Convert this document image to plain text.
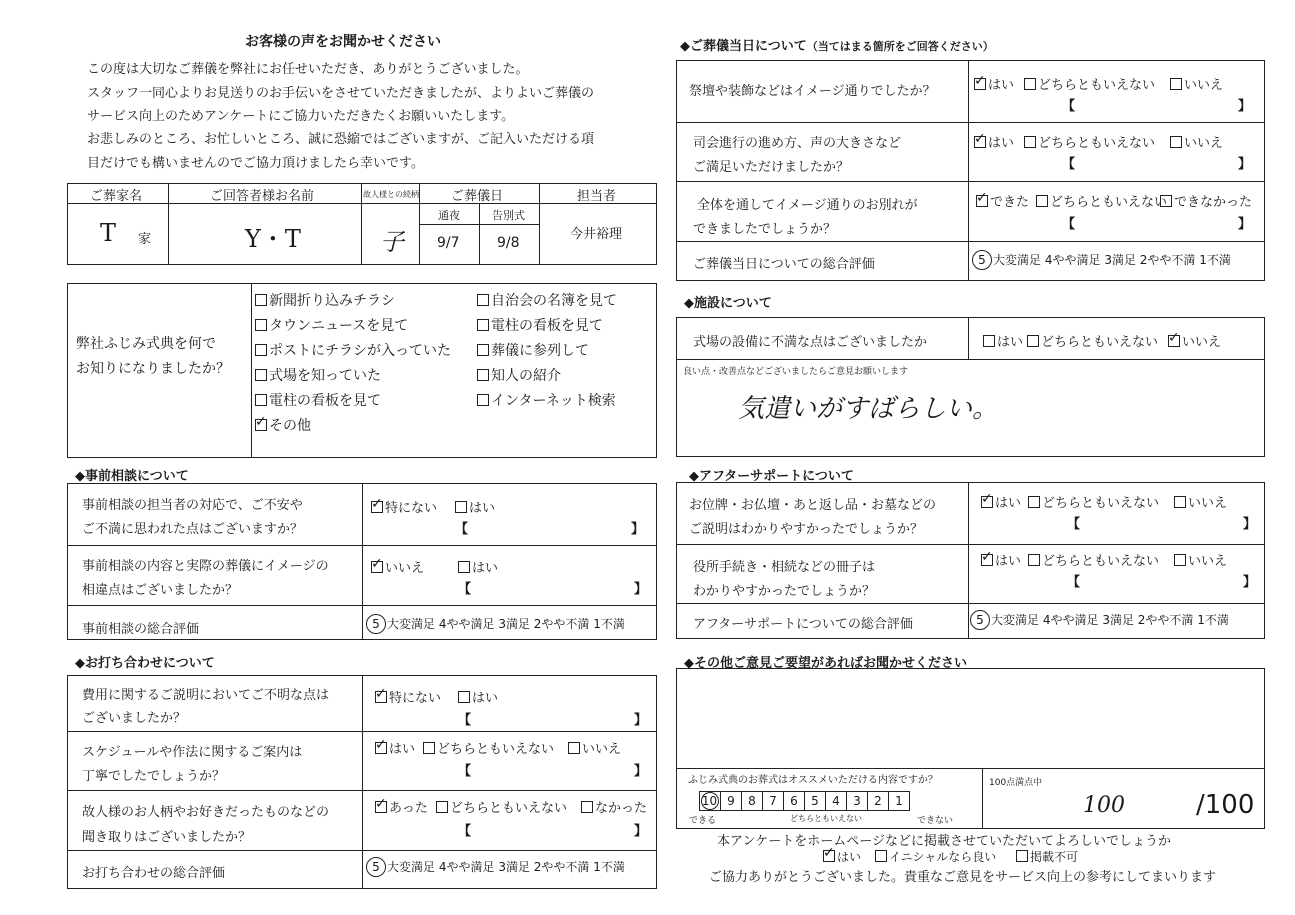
お客様の声をお聞かせください
この度は大切なご葬儀を弊社にお任せいただき、ありがとうございました。
スタッフ一同心よりお見送りのお手伝いをさせていただきましたが、よりよいご葬儀の
サービス向上のためアンケートにご協力いただきたくお願いいたします。
お悲しみのところ、お忙しいところ、誠に恐縮ではございますが、ご記入いただける項
目だけでも構いませんのでご協力頂けましたら幸いです。
ご葬家名	ご回答者様お名前	故人様との続柄 ご葬儀日	担当者
通夜	告別式
T 家	Y・T	子 9/7	9/8
今井裕理
弊社ふじみ式典を何で
お知りになりましたか？
新聞折り込みチラシ	自治会の名簿を見て
タウンニュースを見て	電柱の看板を見て
ポストにチラシが入っていた	葬儀に参列して
式場を知っていた	知人の紹介
電柱の看板を見て	インターネット検索
✓その他
◆事前相談について
事前相談の担当者の対応で、ご不安や
ご不満に思われた点はございますか？
✓特にない	はい
【	】
事前相談の内容と実際の葬儀にイメージの
相違点はございましたか？
✓いいえ	はい
【	】
事前相談の総合評価	5 大変満足 4やや満足 3満足 2やや不満 1不満
◆お打ち合わせについて
費用に関するご説明においてご不明な点は
ございましたか？
✓特にない	はい
【	】
スケジュールや作法に関するご案内は
丁寧でしたでしょうか？
✓はい	どちらともいえない	いいえ
【	】
故人様のお人柄やお好きだったものなどの
聞き取りはございましたか？
✓あった	どちらともいえない	なかった
【	】
お打ち合わせの総合評価	5 大変満足 4やや満足 3満足 2やや不満 1不満
◆ご葬儀当日について（当てはまる箇所をご回答ください）
祭壇や装飾などはイメージ通りでしたか？ ✓	はい	どちらともいえない	いいえ
【	】
司会進行の進め方、声の大きさなど
ご満足いただけましたか？
✓はい	どちらともいえない	いいえ
【	】
全体を通してイメージ通りのお別れが
できましたでしょうか？
✓できた	どちらともいえない できなかった
【	】
ご葬儀当日についての総合評価	5 大変満足 4やや満足 3満足 2やや不満 1不満
◆施設について
式場の設備に不満な点はございましたか	はい	どちらともいえない ✓	いいえ
良い点・改善点などございましたらご意見お願いします
気遣いがすばらしい。
◆アフターサポートについて
お位牌・お仏壇・あと返し品・お墓などの
ご説明はわかりやすかったでしょうか？
✓はい	どちらともいえない	いいえ
【	】
役所手続き・相続などの冊子は
わかりやすかったでしょうか？
✓はい	どちらともいえない	いいえ
【	】
アフターサポートについての総合評価	5 大変満足 4やや満足 3満足 2やや不満 1不満
◆その他ご意見ご要望があればお聞かせください
ふじみ式典のお葬式はオススメいただける内容ですか？
10	9	8	7	6	5	4	3	2	1
できる	どちらともいえない	できない
100点満点中
100	/100
本アンケートをホームページなどに掲載させていただいてよろしいでしょうか
✓はい	イニシャルなら良い	掲載不可
ご協力ありがとうございました。貴重なご意見をサービス向上の参考にしてまいります
